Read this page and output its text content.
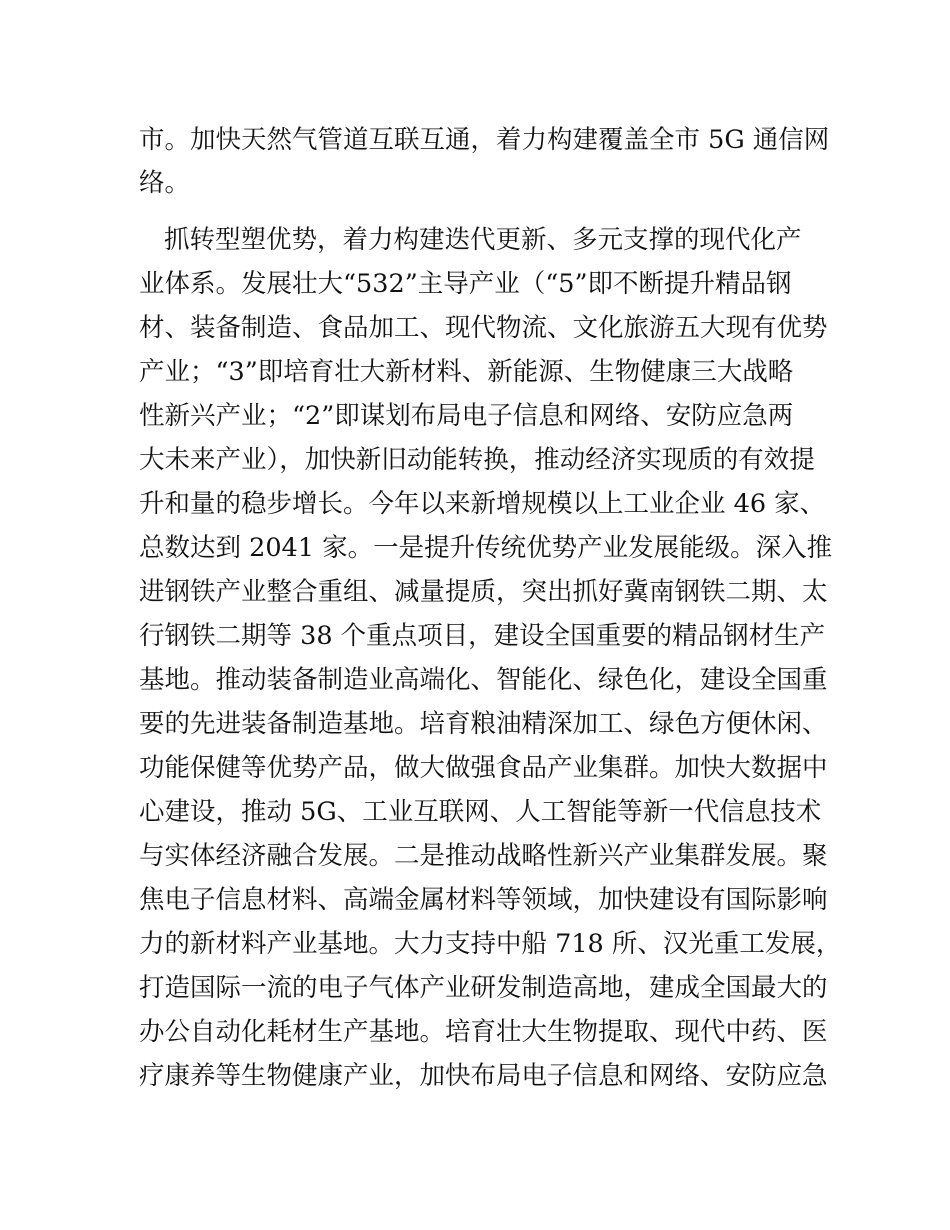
市。加快天然气管道互联互通，着力构建覆盖全市 5G 通信网

络。

抓转型塑优势，着力构建迭代更新、多元支撑的现代化产

业体系。发展壮大“532”主导产业（“5”即不断提升精品钢

材、装备制造、食品加工、现代物流、文化旅游五大现有优势

产业；“3”即培育壮大新材料、新能源、生物健康三大战略

性新兴产业；“2”即谋划布局电子信息和网络、安防应急两

大未来产业），加快新旧动能转换，推动经济实现质的有效提

升和量的稳步增长。今年以来新增规模以上工业企业 46 家、

总数达到 2041 家。一是提升传统优势产业发展能级。深入推

进钢铁产业整合重组、减量提质，突出抓好冀南钢铁二期、太

行钢铁二期等 38 个重点项目，建设全国重要的精品钢材生产

基地。推动装备制造业高端化、智能化、绿色化，建设全国重

要的先进装备制造基地。培育粮油精深加工、绿色方便休闲、

功能保健等优势产品，做大做强食品产业集群。加快大数据中

心建设，推动 5G、工业互联网、人工智能等新一代信息技术

与实体经济融合发展。二是推动战略性新兴产业集群发展。聚

焦电子信息材料、高端金属材料等领域，加快建设有国际影响

力的新材料产业基地。大力支持中船 718 所、汉光重工发展，

打造国际一流的电子气体产业研发制造高地，建成全国最大的

办公自动化耗材生产基地。培育壮大生物提取、现代中药、医

疗康养等生物健康产业，加快布局电子信息和网络、安防应急
